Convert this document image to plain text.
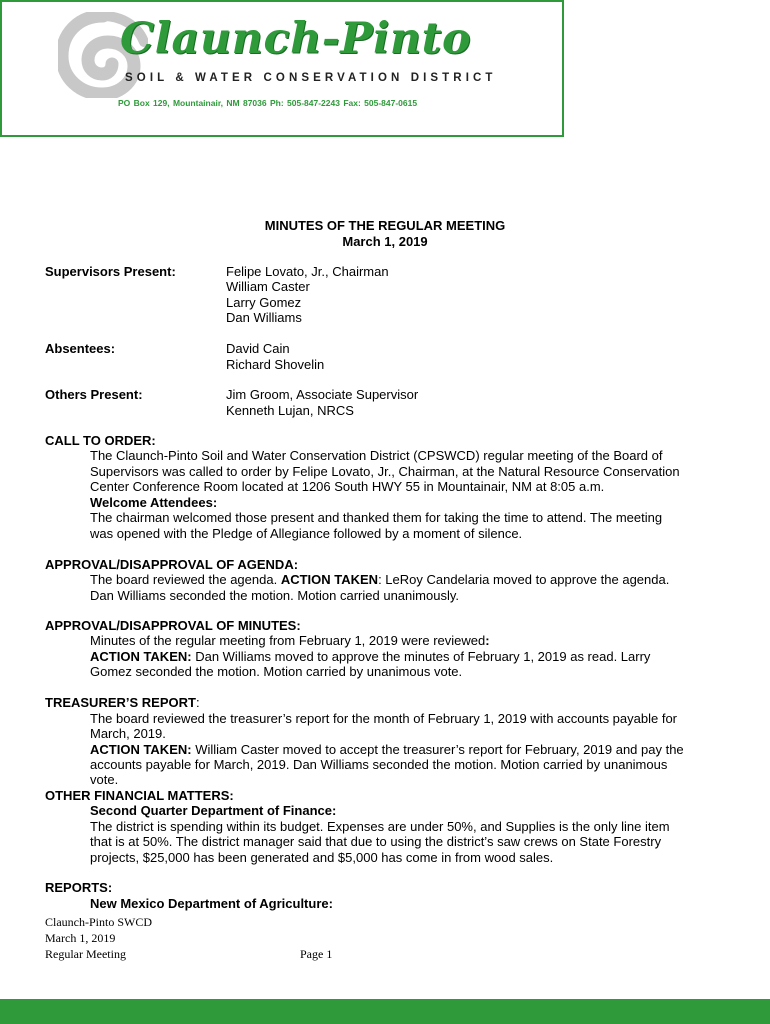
Claunch-Pinto
SOIL & WATER CONSERVATION DISTRICT
PO Box 129, Mountainair, NM 87036 Ph: 505-847-2243 Fax: 505-847-0615
MINUTES OF THE REGULAR MEETING
March 1, 2019
Supervisors Present:	Felipe Lovato, Jr., Chairman
William Caster
Larry Gomez
Dan Williams
Absentees:	David Cain
Richard Shovelin
Others Present:	Jim Groom, Associate Supervisor
Kenneth Lujan, NRCS
CALL TO ORDER:
The Claunch-Pinto Soil and Water Conservation District (CPSWCD) regular meeting of the Board of
Supervisors was called to order by Felipe Lovato, Jr., Chairman, at the Natural Resource Conservation
Center Conference Room located at 1206 South HWY 55 in Mountainair, NM at 8:05 a.m.
Welcome Attendees:
The chairman welcomed those present and thanked them for taking the time to attend. The meeting
was opened with the Pledge of Allegiance followed by a moment of silence.
APPROVAL/DISAPPROVAL OF AGENDA:
The board reviewed the agenda. ACTION TAKEN: LeRoy Candelaria moved to approve the agenda.
Dan Williams seconded the motion. Motion carried unanimously.
APPROVAL/DISAPPROVAL OF MINUTES:
Minutes of the regular meeting from February 1, 2019 were reviewed:
ACTION TAKEN: Dan Williams moved to approve the minutes of February 1, 2019 as read. Larry
Gomez seconded the motion. Motion carried by unanimous vote.
TREASURER’S REPORT:
The board reviewed the treasurer’s report for the month of February 1, 2019 with accounts payable for
March, 2019.
ACTION TAKEN: William Caster moved to accept the treasurer’s report for February, 2019 and pay the
accounts payable for March, 2019. Dan Williams seconded the motion. Motion carried by unanimous
vote.
OTHER FINANCIAL MATTERS:
Second Quarter Department of Finance:
The district is spending within its budget. Expenses are under 50%, and Supplies is the only line item
that is at 50%. The district manager said that due to using the district’s saw crews on State Forestry
projects, $25,000 has been generated and $5,000 has come in from wood sales.
REPORTS:
New Mexico Department of Agriculture:
Claunch-Pinto SWCD
March 1, 2019
Regular Meeting	Page 1
